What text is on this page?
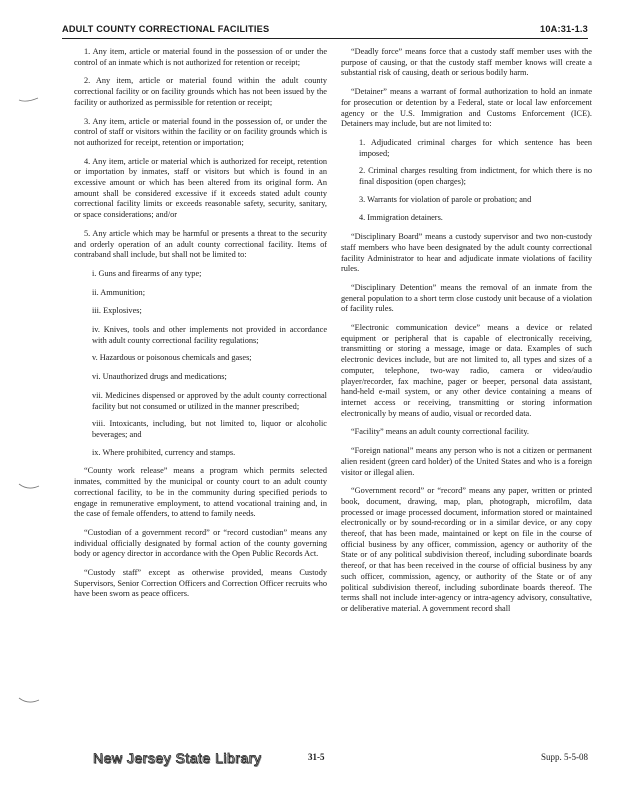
ADULT COUNTY CORRECTIONAL FACILITIES	10A:31-1.3

1. Any item, article or material found in the possession of or under the control of an inmate which is not authorized for retention or receipt;

2. Any item, article or material found within the adult county correctional facility or on facility grounds which has not been issued by the facility or authorized as permissible for retention or receipt;

3. Any item, article or material found in the possession of, or under the control of staff or visitors within the facility or on facility grounds which is not authorized for receipt, retention or importation;

4. Any item, article or material which is authorized for receipt, retention or importation by inmates, staff or visitors but which is found in an excessive amount or which has been altered from its original form. An amount shall be considered excessive if it exceeds stated adult county correctional facility limits or exceeds reasonable safety, security, sanitary, or space considerations; and/or

5. Any article which may be harmful or presents a threat to the security and orderly operation of an adult county correctional facility. Items of contraband shall include, but shall not be limited to:

i. Guns and firearms of any type;

ii. Ammunition;

iii. Explosives;

iv. Knives, tools and other implements not provided in accordance with adult county correctional facility regulations;

v. Hazardous or poisonous chemicals and gases;

vi. Unauthorized drugs and medications;

vii. Medicines dispensed or approved by the adult county correctional facility but not consumed or utilized in the manner prescribed;

viii. Intoxicants, including, but not limited to, liquor or alcoholic beverages; and

ix. Where prohibited, currency and stamps.

“County work release” means a program which permits selected inmates, committed by the municipal or county court to an adult county correctional facility, to be in the community during specified periods to engage in remunerative employment, to attend vocational training and, in the case of female offenders, to attend to family needs.

“Custodian of a government record” or “record custodian” means any individual officially designated by formal action of the county governing body or agency director in accordance with the Open Public Records Act.

“Custody staff” except as otherwise provided, means Custody Supervisors, Senior Correction Officers and Correction Officer recruits who have been sworn as peace officers.

“Deadly force” means force that a custody staff member uses with the purpose of causing, or that the custody staff member knows will create a substantial risk of causing, death or serious bodily harm.

“Detainer” means a warrant of formal authorization to hold an inmate for prosecution or detention by a Federal, state or local law enforcement agency or the U.S. Immigration and Customs Enforcement (ICE). Detainers may include, but are not limited to:

1. Adjudicated criminal charges for which sentence has been imposed;

2. Criminal charges resulting from indictment, for which there is no final disposition (open charges);

3. Warrants for violation of parole or probation; and

4. Immigration detainers.

“Disciplinary Board” means a custody supervisor and two non-custody staff members who have been designated by the adult county correctional facility Administrator to hear and adjudicate inmate violations of facility rules.

“Disciplinary Detention” means the removal of an inmate from the general population to a short term close custody unit because of a violation of facility rules.

“Electronic communication device” means a device or related equipment or peripheral that is capable of electronically receiving, transmitting or storing a message, image or data. Examples of such electronic devices include, but are not limited to, all types and sizes of a computer, telephone, two-way radio, camera or video/audio player/recorder, fax machine, pager or beeper, personal data assistant, hand-held e-mail system, or any other device containing a means of internet access or receiving, transmitting or storing information electronically by means of audio, visual or recorded data.

“Facility” means an adult county correctional facility.

“Foreign national” means any person who is not a citizen or permanent alien resident (green card holder) of the United States and who is a foreign visitor or illegal alien.

“Government record” or “record” means any paper, written or printed book, document, drawing, map, plan, photograph, microfilm, data processed or image processed document, information stored or maintained electronically or by sound-recording or in a similar device, or any copy thereof, that has been made, maintained or kept on file in the course of official business by any officer, commission, agency or authority of the State or of any political subdivision thereof, including subordinate boards thereof, or that has been received in the course of official business by any such officer, commission, agency, or authority of the State or of any political subdivision thereof, including subordinate boards thereof. The terms shall not include inter-agency or intra-agency advisory, consultative, or deliberative material. A government record shall

New Jersey State Library	31-5	Supp. 5-5-08
